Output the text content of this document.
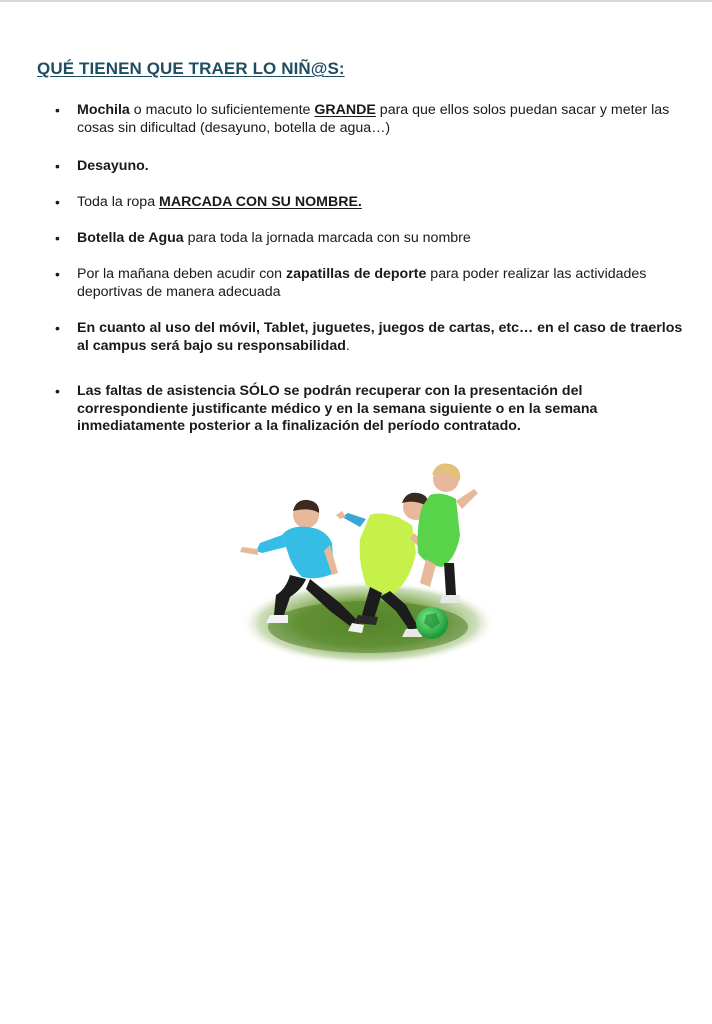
QUÉ TIENEN QUE TRAER LO NIÑ@S:
•	Mochila o macuto lo suficientemente GRANDE para que ellos solos puedan sacar y meter las cosas sin dificultad (desayuno, botella de agua…)
•	Desayuno.
•	Toda la ropa MARCADA CON SU NOMBRE.
•	Botella de Agua para toda la jornada marcada con su nombre
•	Por la mañana deben acudir con zapatillas de deporte para poder realizar las actividades deportivas de manera adecuada
•	En cuanto al uso del móvil, Tablet, juguetes, juegos de cartas, etc… en el caso de traerlos al campus será bajo su responsabilidad.
•	Las faltas de asistencia SÓLO se podrán recuperar con la presentación del correspondiente justificante médico y en la semana siguiente o en la semana inmediatamente posterior a la finalización del período contratado.
